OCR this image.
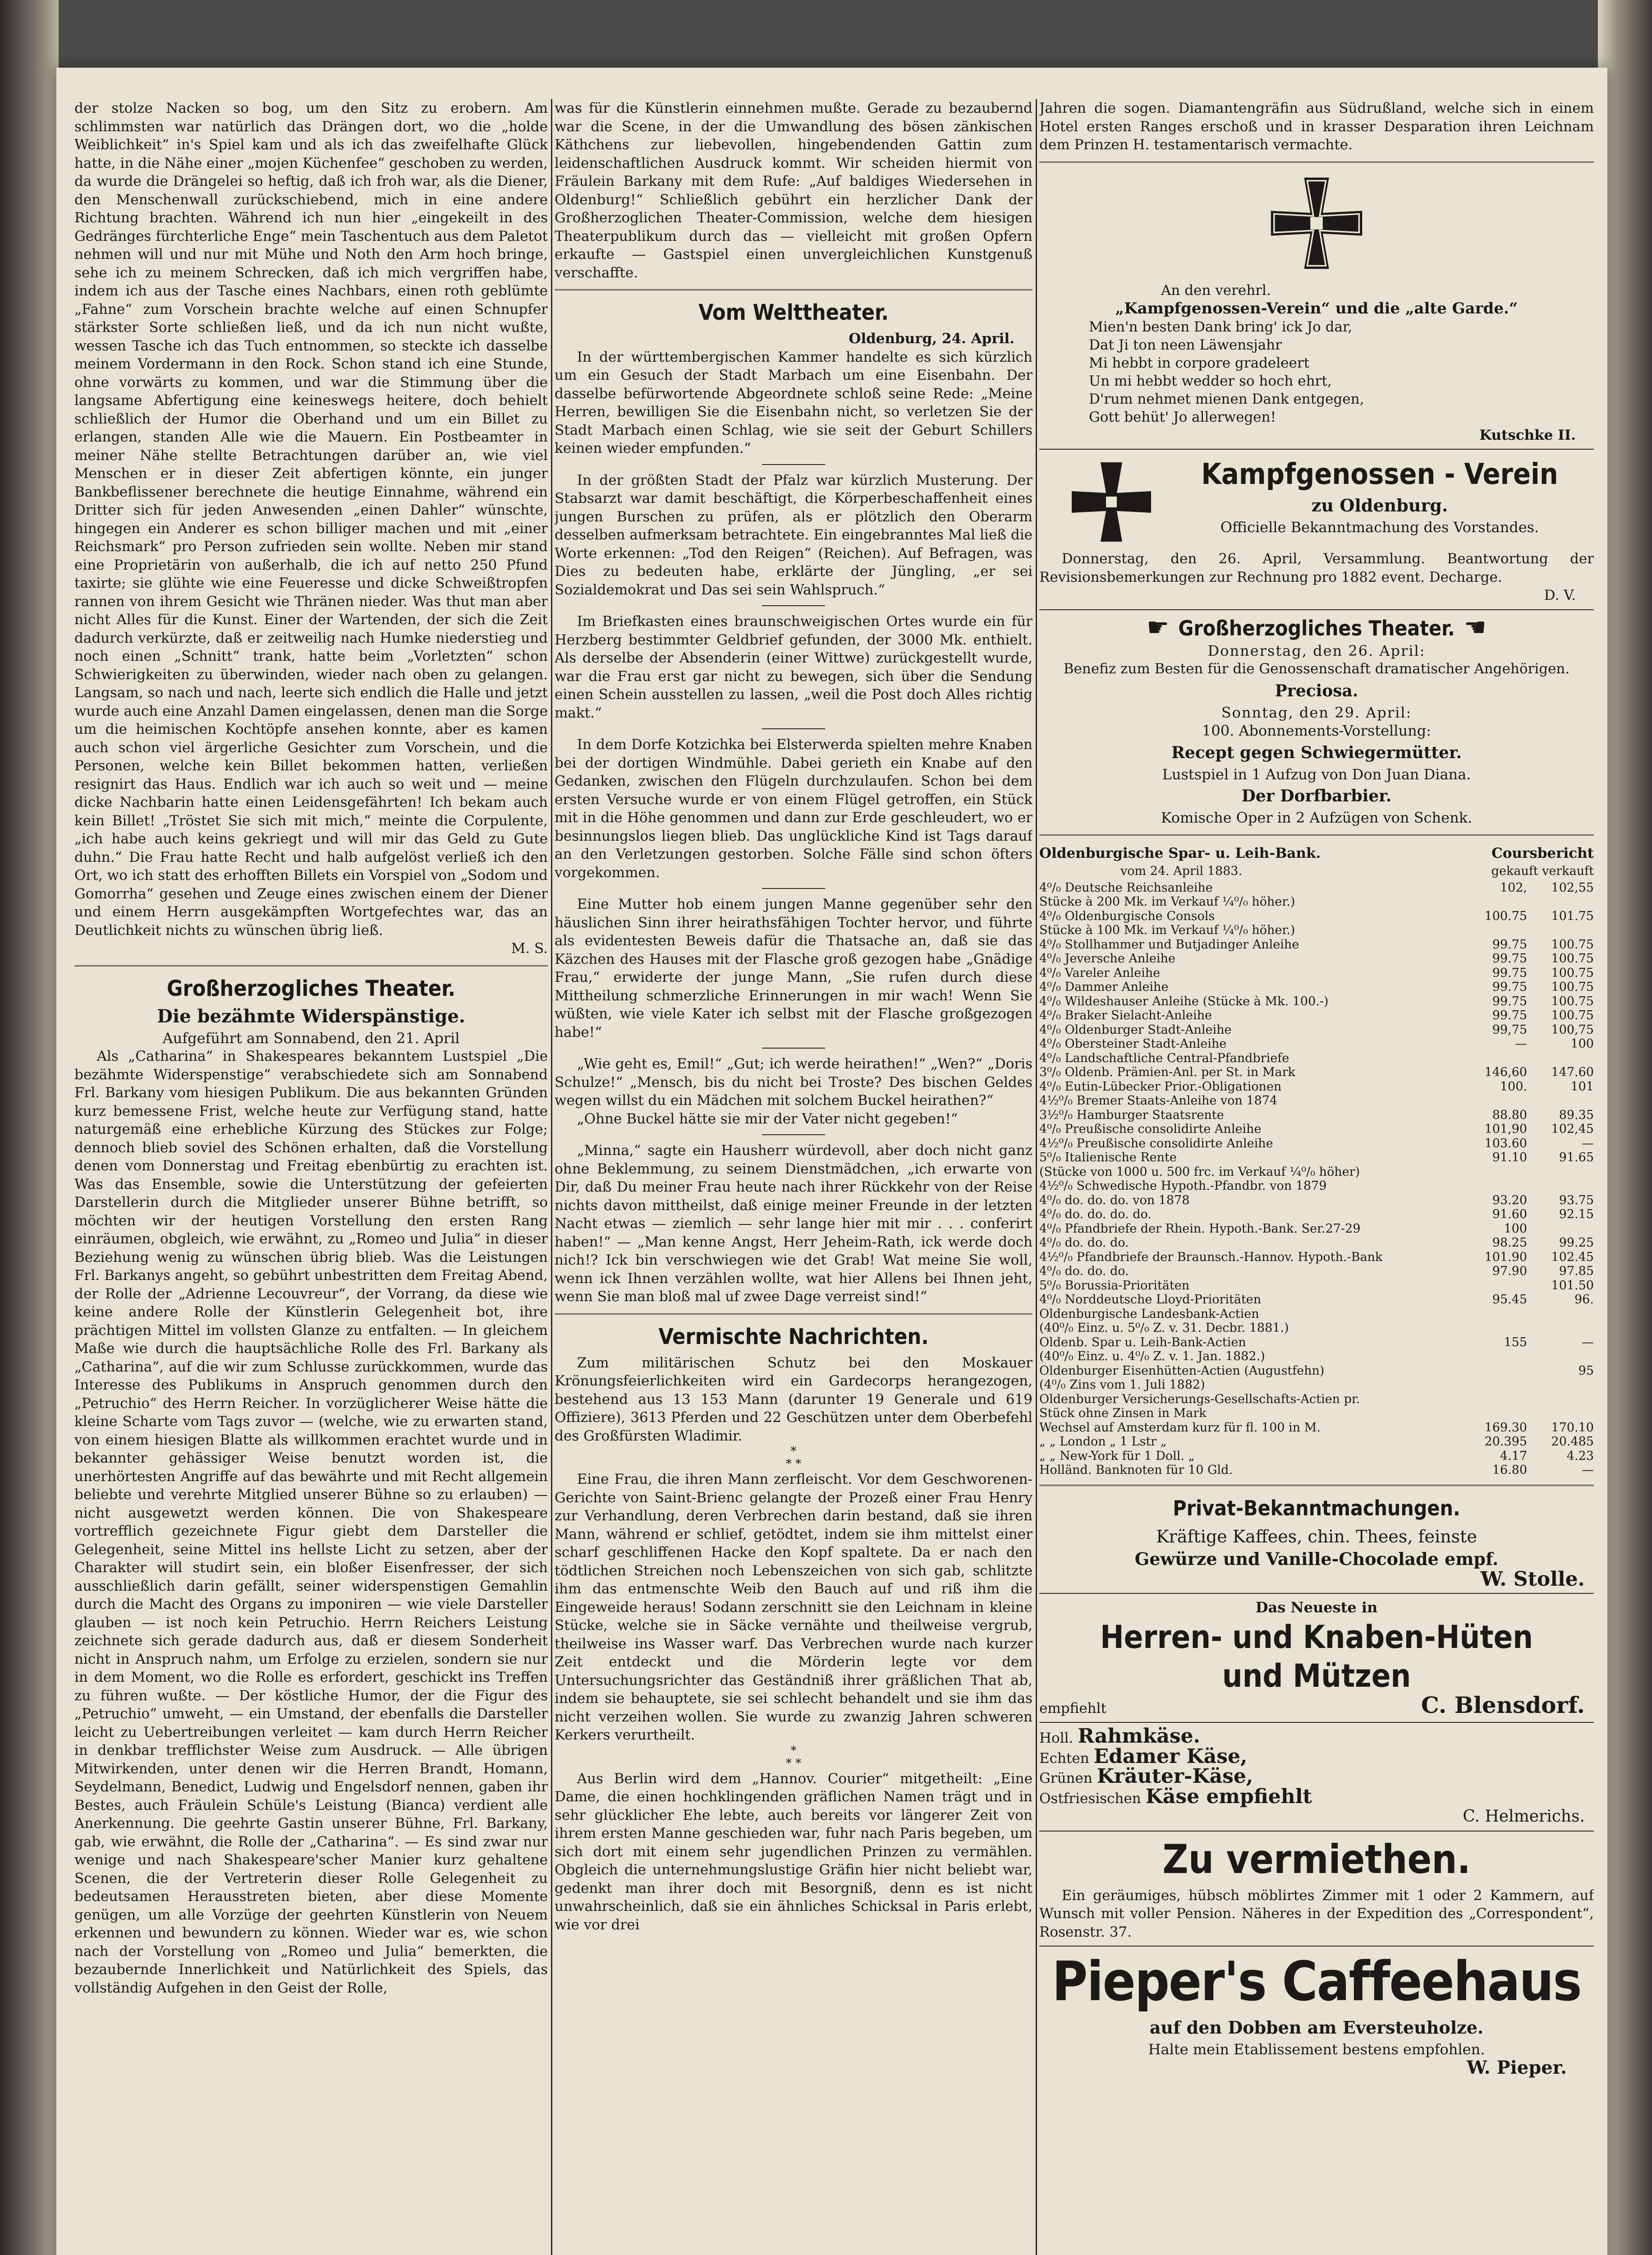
der stolze Nacken so bog, um den Sitz zu erobern. Am schlimmsten war natürlich das Drängen dort, wo die „holde Weiblichkeit“ in's Spiel kam und als ich das zweifelhafte Glück hatte, in die Nähe einer „mojen Küchenfee“ geschoben zu werden, da wurde die Drängelei so heftig, daß ich froh war, als die Diener, den Menschenwall zurückschiebend, mich in eine andere Richtung brachten. Während ich nun hier „eingekeilt in des Gedränges fürchterliche Enge“ mein Taschentuch aus dem Paletot nehmen will und nur mit Mühe und Noth den Arm hoch bringe, sehe ich zu meinem Schrecken, daß ich mich vergriffen habe, indem ich aus der Tasche eines Nachbars, einen roth geblümte „Fahne“ zum Vorschein brachte welche auf einen Schnupfer stärkster Sorte schließen ließ, und da ich nun nicht wußte, wessen Tasche ich das Tuch entnommen, so steckte ich dasselbe meinem Vordermann in den Rock. Schon stand ich eine Stunde, ohne vorwärts zu kommen, und war die Stimmung über die langsame Abfertigung eine keineswegs heitere, doch behielt schließlich der Humor die Oberhand und um ein Billet zu erlangen, standen Alle wie die Mauern. Ein Postbeamter in meiner Nähe stellte Betrachtungen darüber an, wie viel Menschen er in dieser Zeit abfertigen könnte, ein junger Bankbeflissener berechnete die heutige Einnahme, während ein Dritter sich für jeden Anwesenden „einen Dahler“ wünschte, hingegen ein Anderer es schon billiger machen und mit „einer Reichsmark“ pro Person zufrieden sein wollte. Neben mir stand eine Proprietärin von außerhalb, die ich auf netto 250 Pfund taxirte; sie glühte wie eine Feueresse und dicke Schweißtropfen rannen von ihrem Gesicht wie Thränen nieder. Was thut man aber nicht Alles für die Kunst. Einer der Wartenden, der sich die Zeit dadurch verkürzte, daß er zeitweilig nach Humke niederstieg und noch einen „Schnitt“ trank, hatte beim „Vorletzten“ schon Schwierigkeiten zu überwinden, wieder nach oben zu gelangen. Langsam, so nach und nach, leerte sich endlich die Halle und jetzt wurde auch eine Anzahl Damen eingelassen, denen man die Sorge um die heimischen Kochtöpfe ansehen konnte, aber es kamen auch schon viel ärgerliche Gesichter zum Vorschein, und die Personen, welche kein Billet bekommen hatten, verließen resignirt das Haus. Endlich war ich auch so weit und — meine dicke Nachbarin hatte einen Leidensgefährten! Ich bekam auch kein Billet! „Tröstet Sie sich mit mich,“ meinte die Corpulente, „ich habe auch keins gekriegt und will mir das Geld zu Gute duhn.“ Die Frau hatte Recht und halb aufgelöst verließ ich den Ort, wo ich statt des erhofften Billets ein Vorspiel von „Sodom und Gomorrha“ gesehen und Zeuge eines zwischen einem der Diener und einem Herrn ausgekämpften Wortgefechtes war, das an Deutlichkeit nichts zu wünschen übrig ließ.

M. S.

Großherzogliches Theater.
Die bezähmte Widerspänstige.
Aufgeführt am Sonnabend, den 21. April

Als „Catharina“ in Shakespeares bekanntem Lustspiel „Die bezähmte Widerspenstige“ verabschiedete sich am Sonnabend Frl. Barkany vom hiesigen Publikum. Die aus bekannten Gründen kurz bemessene Frist, welche heute zur Verfügung stand, hatte naturgemäß eine erhebliche Kürzung des Stückes zur Folge; dennoch blieb soviel des Schönen erhalten, daß die Vorstellung denen vom Donnerstag und Freitag ebenbürtig zu erachten ist. Was das Ensemble, sowie die Unterstützung der gefeierten Darstellerin durch die Mitglieder unserer Bühne betrifft, so möchten wir der heutigen Vorstellung den ersten Rang einräumen, obgleich, wie erwähnt, zu „Romeo und Julia“ in dieser Beziehung wenig zu wünschen übrig blieb. Was die Leistungen Frl. Barkanys angeht, so gebührt unbestritten dem Freitag Abend, der Rolle der „Adrienne Lecouvreur“, der Vorrang, da diese wie keine andere Rolle der Künstlerin Gelegenheit bot, ihre prächtigen Mittel im vollsten Glanze zu entfalten. — In gleichem Maße wie durch die hauptsächliche Rolle des Frl. Barkany als „Catharina“, auf die wir zum Schlusse zurückkommen, wurde das Interesse des Publikums in Anspruch genommen durch den „Petruchio“ des Herrn Reicher. In vorzüglicherer Weise hätte die kleine Scharte vom Tags zuvor — (welche, wie zu erwarten stand, von einem hiesigen Blatte als willkommen erachtet wurde und in bekannter gehässiger Weise benutzt worden ist, die unerhörtesten Angriffe auf das bewährte und mit Recht allgemein beliebte und verehrte Mitglied unserer Bühne so zu erlauben) — nicht ausgewetzt werden können. Die von Shakespeare vortrefflich gezeichnete Figur giebt dem Darsteller die Gelegenheit, seine Mittel ins hellste Licht zu setzen, aber der Charakter will studirt sein, ein bloßer Eisenfresser, der sich ausschließlich darin gefällt, seiner widerspenstigen Gemahlin durch die Macht des Organs zu imponiren — wie viele Darsteller glauben — ist noch kein Petruchio. Herrn Reichers Leistung zeichnete sich gerade dadurch aus, daß er diesem Sonderheit nicht in Anspruch nahm, um Erfolge zu erzielen, sondern sie nur in dem Moment, wo die Rolle es erfordert, geschickt ins Treffen zu führen wußte. — Der köstliche Humor, der die Figur des „Petruchio“ umweht, — ein Umstand, der ebenfalls die Darsteller leicht zu Uebertreibungen verleitet — kam durch Herrn Reicher in denkbar trefflichster Weise zum Ausdruck. — Alle übrigen Mitwirkenden, unter denen wir die Herren Brandt, Homann, Seydelmann, Benedict, Ludwig und Engelsdorf nennen, gaben ihr Bestes, auch Fräulein Schüle's Leistung (Bianca) verdient alle Anerkennung. Die geehrte Gastin unserer Bühne, Frl. Barkany, gab, wie erwähnt, die Rolle der „Catharina“. — Es sind zwar nur wenige und nach Shakespeare'scher Manier kurz gehaltene Scenen, die der Vertreterin dieser Rolle Gelegenheit zu bedeutsamen Herausstreten bieten, aber diese Momente genügen, um alle Vorzüge der geehrten Künstlerin von Neuem erkennen und bewundern zu können. Wieder war es, wie schon nach der Vorstellung von „Romeo und Julia“ bemerkten, die bezaubernde Innerlichkeit und Natürlichkeit des Spiels, das vollständig Aufgehen in den Geist der Rolle,

was für die Künstlerin einnehmen mußte. Gerade zu bezaubernd war die Scene, in der die Umwandlung des bösen zänkischen Käthchens zur liebevollen, hingebendenden Gattin zum leidenschaftlichen Ausdruck kommt. Wir scheiden hiermit von Fräulein Barkany mit dem Rufe: „Auf baldiges Wiedersehen in Oldenburg!“ Schließlich gebührt ein herzlicher Dank der Großherzoglichen Theater-Commission, welche dem hiesigen Theaterpublikum durch das — vielleicht mit großen Opfern erkaufte — Gastspiel einen unvergleichlichen Kunstgenuß verschaffte.

Vom Welttheater.
Oldenburg, 24. April.

In der württembergischen Kammer handelte es sich kürzlich um ein Gesuch der Stadt Marbach um eine Eisenbahn. Der dasselbe befürwortende Abgeordnete schloß seine Rede: „Meine Herren, bewilligen Sie die Eisenbahn nicht, so verletzen Sie der Stadt Marbach einen Schlag, wie sie seit der Geburt Schillers keinen wieder empfunden.“

In der größten Stadt der Pfalz war kürzlich Musterung. Der Stabsarzt war damit beschäftigt, die Körperbeschaffenheit eines jungen Burschen zu prüfen, als er plötzlich den Oberarm desselben aufmerksam betrachtete. Ein eingebranntes Mal ließ die Worte erkennen: „Tod den Reigen“ (Reichen). Auf Befragen, was Dies zu bedeuten habe, erklärte der Jüngling, „er sei Sozialdemokrat und Das sei sein Wahlspruch.“

Im Briefkasten eines braunschweigischen Ortes wurde ein für Herzberg bestimmter Geldbrief gefunden, der 3000 Mk. enthielt. Als derselbe der Absenderin (einer Wittwe) zurückgestellt wurde, war die Frau erst gar nicht zu bewegen, sich über die Sendung einen Schein ausstellen zu lassen, „weil die Post doch Alles richtig makt.“

In dem Dorfe Kotzichka bei Elsterwerda spielten mehre Knaben bei der dortigen Windmühle. Dabei gerieth ein Knabe auf den Gedanken, zwischen den Flügeln durchzulaufen. Schon bei dem ersten Versuche wurde er von einem Flügel getroffen, ein Stück mit in die Höhe genommen und dann zur Erde geschleudert, wo er besinnungslos liegen blieb. Das unglückliche Kind ist Tags darauf an den Verletzungen gestorben. Solche Fälle sind schon öfters vorgekommen.

Eine Mutter hob einem jungen Manne gegenüber sehr den häuslichen Sinn ihrer heirathsfähigen Tochter hervor, und führte als evidentesten Beweis dafür die Thatsache an, daß sie das Käzchen des Hauses mit der Flasche groß gezogen habe „Gnädige Frau,“ erwiderte der junge Mann, „Sie rufen durch diese Mittheilung schmerzliche Erinnerungen in mir wach! Wenn Sie wüßten, wie viele Kater ich selbst mit der Flasche großgezogen habe!“

„Wie geht es, Emil!“ „Gut; ich werde heirathen!“ „Wen?“ „Doris Schulze!“ „Mensch, bis du nicht bei Troste? Des bischen Geldes wegen willst du ein Mädchen mit solchem Buckel heirathen?“

„Ohne Buckel hätte sie mir der Vater nicht gegeben!“

„Minna,“ sagte ein Hausherr würdevoll, aber doch nicht ganz ohne Beklemmung, zu seinem Dienstmädchen, „ich erwarte von Dir, daß Du meiner Frau heute nach ihrer Rückkehr von der Reise nichts davon mittheilst, daß einige meiner Freunde in der letzten Nacht etwas — ziemlich — sehr lange hier mit mir . . . conferirt haben!“ — „Man kenne Angst, Herr Jeheim-Rath, ick werde doch nich!? Ick bin verschwiegen wie det Grab! Wat meine Sie woll, wenn ick Ihnen verzählen wollte, wat hier Allens bei Ihnen jeht, wenn Sie man bloß mal uf zwee Dage verreist sind!“

Vermischte Nachrichten.

Zum militärischen Schutz bei den Moskauer Krönungsfeierlichkeiten wird ein Gardecorps herangezogen, bestehend aus 13 153 Mann (darunter 19 Generale und 619 Offiziere), 3613 Pferden und 22 Geschützen unter dem Oberbefehl des Großfürsten Wladimir.

*
* *

Eine Frau, die ihren Mann zerfleischt. Vor dem Geschworenen-Gerichte von Saint-Brienc gelangte der Prozeß einer Frau Henry zur Verhandlung, deren Verbrechen darin bestand, daß sie ihren Mann, während er schlief, getödtet, indem sie ihm mittelst einer scharf geschliffenen Hacke den Kopf spaltete. Da er nach den tödtlichen Streichen noch Lebenszeichen von sich gab, schlitzte ihm das entmenschte Weib den Bauch auf und riß ihm die Eingeweide heraus! Sodann zerschnitt sie den Leichnam in kleine Stücke, welche sie in Säcke vernähte und theilweise vergrub, theilweise ins Wasser warf. Das Verbrechen wurde nach kurzer Zeit entdeckt und die Mörderin legte vor dem Untersuchungsrichter das Geständniß ihrer gräßlichen That ab, indem sie behauptete, sie sei schlecht behandelt und sie ihm das nicht verzeihen wollen. Sie wurde zu zwanzig Jahren schweren Kerkers verurtheilt.

*
* *

Aus Berlin wird dem „Hannov. Courier“ mitgetheilt: „Eine Dame, die einen hochklingenden gräflichen Namen trägt und in sehr glücklicher Ehe lebte, auch bereits vor längerer Zeit von ihrem ersten Manne geschieden war, fuhr nach Paris begeben, um sich dort mit einem sehr jugendlichen Prinzen zu vermählen. Obgleich die unternehmungslustige Gräfin hier nicht beliebt war, gedenkt man ihrer doch mit Besorgniß, denn es ist nicht unwahrscheinlich, daß sie ein ähnliches Schicksal in Paris erlebt, wie vor drei

Jahren die sogen. Diamantengräfin aus Südrußland, welche sich in einem Hotel ersten Ranges erschoß und in krasser Desparation ihren Leichnam dem Prinzen H. testamentarisch vermachte.

An den verehrl.
„Kampfgenossen-Verein“ und die „alte Garde.“
Mien'n besten Dank bring' ick Jo dar,
Dat Ji ton neen Läwensjahr
Mi hebbt in corpore gradeleert
Un mi hebbt wedder so hoch ehrt,
D'rum nehmet mienen Dank entgegen,
Gott behüt' Jo allerwegen!
Kutschke II.
Kampfgenossen - Verein
zu Oldenburg.
Officielle Bekanntmachung des Vorstandes.

Donnerstag, den 26. April, Versammlung. Beantwortung der Revisionsbemerkungen zur Rechnung pro 1882 event. Decharge.

D. V.
☛ Großherzogliches Theater. ☚
Donnerstag, den 26. April:

Benefiz zum Besten für die Genossenschaft dramatischer Angehörigen.

Preciosa.
Sonntag, den 29. April:
100. Abonnements-Vorstellung:
Recept gegen Schwiegermütter.
Lustspiel in 1 Aufzug von Don Juan Diana.
Der Dorfbarbier.
Komische Oper in 2 Aufzügen von Schenk.
Oldenburgische Spar- u. Leih-Bank.	Coursbericht
vom 24. April 1883.	gekauft verkauft
4⁰/₀ Deutsche Reichsanleihe	102,	102,55
Stücke à 200 Mk. im Verkauf ¼⁰/₀ höher.)		
4⁰/₀ Oldenburgische Consols	100.75	101.75
Stücke à 100 Mk. im Verkauf ¼⁰/₀ höher.)		
4⁰/₀ Stollhammer und Butjadinger Anleihe	99.75	100.75
4⁰/₀ Jeversche Anleihe	99.75	100.75
4⁰/₀ Vareler Anleihe	99.75	100.75
4⁰/₀ Dammer Anleihe	99.75	100.75
4⁰/₀ Wildeshauser Anleihe (Stücke à Mk. 100.-)	99.75	100.75
4⁰/₀ Braker Sielacht-Anleihe	99.75	100.75
4⁰/₀ Oldenburger Stadt-Anleihe	99,75	100,75
4⁰/₀ Obersteiner Stadt-Anleihe	—	100
4⁰/₀ Landschaftliche Central-Pfandbriefe		
3⁰/₀ Oldenb. Prämien-Anl. per St. in Mark	146,60	147.60
4⁰/₀ Eutin-Lübecker Prior.-Obligationen	100.	101
4½⁰/₀ Bremer Staats-Anleihe von 1874		
3½⁰/₀ Hamburger Staatsrente	88.80	89.35
4⁰/₀ Preußische consolidirte Anleihe	101,90	102,45
4½⁰/₀ Preußische consolidirte Anleihe	103.60	—
5⁰/₀ Italienische Rente	91.10	91.65
(Stücke von 1000 u. 500 frc. im Verkauf ¼⁰/₀ höher)		
4½⁰/₀ Schwedische Hypoth.-Pfandbr. von 1879		
4⁰/₀ do. do. do. von 1878	93.20	93.75
4⁰/₀ do. do. do. do.	91.60	92.15
4⁰/₀ Pfandbriefe der Rhein. Hypoth.-Bank. Ser.27-29	100	
4⁰/₀ do. do. do.	98.25	99.25
4½⁰/₀ Pfandbriefe der Braunsch.-Hannov. Hypoth.-Bank	101.90	102.45
4⁰/₀ do. do. do.	97.90	97.85
5⁰/₀ Borussia-Prioritäten		101.50
4⁰/₀ Norddeutsche Lloyd-Prioritäten	95.45	96.
Oldenburgische Landesbank-Actien		
(40⁰/₀ Einz. u. 5⁰/₀ Z. v. 31. Decbr. 1881.)		
Oldenb. Spar u. Leih-Bank-Actien	155	—
(40⁰/₀ Einz. u. 4⁰/₀ Z. v. 1. Jan. 1882.)		
Oldenburger Eisenhütten-Actien (Augustfehn)		95
(4⁰/₀ Zins vom 1. Juli 1882)		
Oldenburger Versicherungs-Gesellschafts-Actien pr.		
Stück ohne Zinsen in Mark		
Wechsel auf Amsterdam kurz für fl. 100 in M.	169.30	170.10
„ „ London „ 1 Lstr „	20.395	20.485
„ „ New-York für 1 Doll. „	4.17	4.23
Holländ. Banknoten für 10 Gld.	16.80	—
Privat-Bekanntmachungen.
Kräftige Kaffees, chin. Thees, feinste
Gewürze und Vanille-Chocolade empf.
W. Stolle.
Das Neueste in
Herren- und Knaben-Hüten
und Mützen
empfiehlt	C. Blensdorf.
Holl. Rahmkäse.
Echten Edamer Käse,
Grünen Kräuter-Käse,
Ostfriesischen Käse empfiehlt
C. Helmerichs.
Zu vermiethen.

Ein geräumiges, hübsch möblirtes Zimmer mit 1 oder 2 Kammern, auf Wunsch mit voller Pension. Näheres in der Expedition des „Correspondent“, Rosenstr. 37.

Pieper's Caffeehaus
auf den Dobben am Eversteuholze.
Halte mein Etablissement bestens empfohlen.
W. Pieper.
